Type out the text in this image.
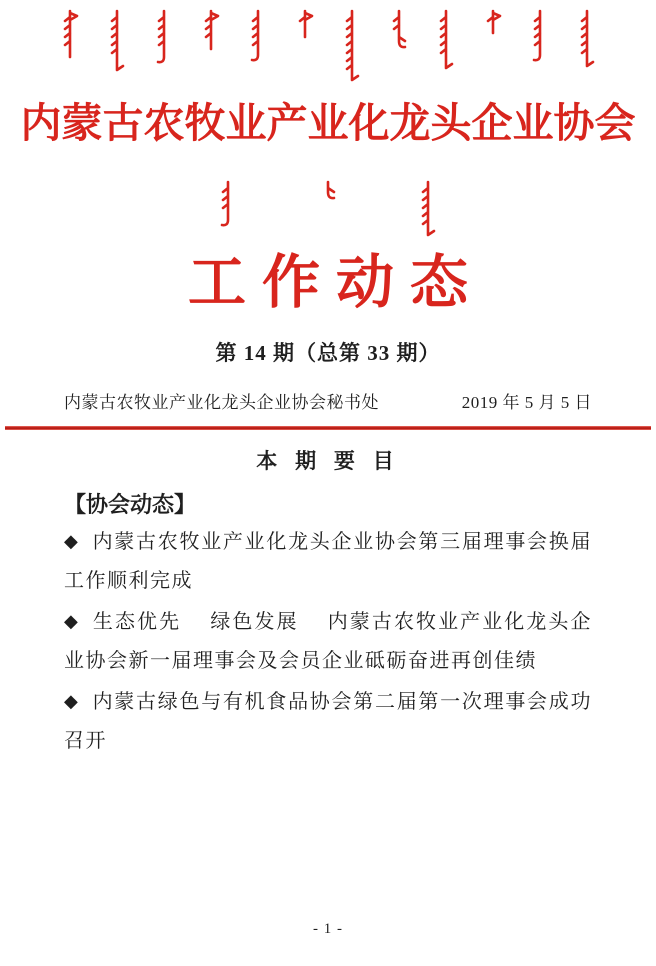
内蒙古农牧业产业化龙头企业协会
工作动态
第 14 期（总第 33 期）
内蒙古农牧业产业化龙头企业协会秘书处	2019 年 5 月 5 日
本 期 要 目
【协会动态】
◆ 内蒙古农牧业产业化龙头企业协会第三届理事会换届工作顺利完成
◆ 生态优先　 绿色发展　 内蒙古农牧业产业化龙头企业协会新一届理事会及会员企业砥砺奋进再创佳绩
◆ 内蒙古绿色与有机食品协会第二届第一次理事会成功召开
- 1 -
